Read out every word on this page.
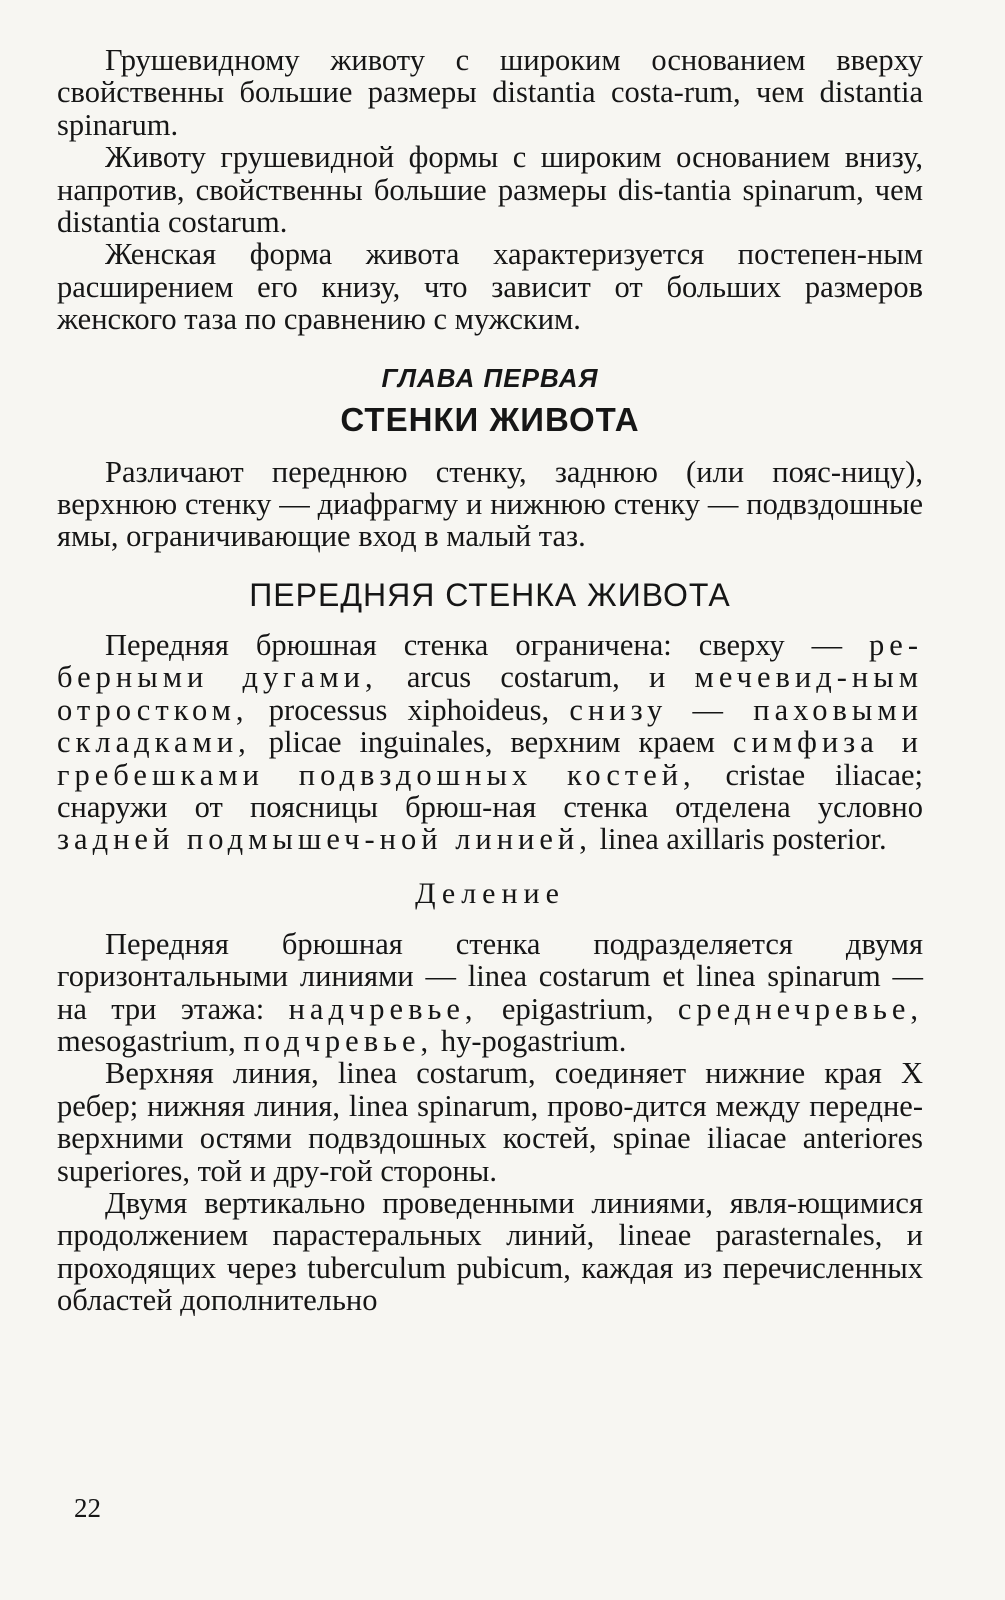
Грушевидному животу с широким основанием вверху свойственны большие размеры distantia costa-rum, чем distantia spinarum.

Животу грушевидной формы с широким основанием внизу, напротив, свойственны большие размеры dis-tantia spinarum, чем distantia costarum.

Женская форма живота характеризуется постепен-ным расширением его книзу, что зависит от больших размеров женского таза по сравнению с мужским.

ГЛАВА ПЕРВАЯ
СТЕНКИ ЖИВОТА

Различают переднюю стенку, заднюю (или пояс-ницу), верхнюю стенку — диафрагму и нижнюю стенку — подвздошные ямы, ограничивающие вход в малый таз.

ПЕРЕДНЯЯ СТЕНКА ЖИВОТА

Передняя брюшная стенка ограничена: сверху — ре-берными дугами, arcus costarum, и мечевид-ным отростком, processus xiphoideus, снизу — паховыми складками, plicae inguinales, верхним краем симфиза и гребешками подвздошных костей, cristae iliacae; снаружи от поясницы брюш-ная стенка отделена условно задней подмышеч-ной линией, linea axillaris posterior.

Деление

Передняя брюшная стенка подразделяется двумя горизонтальными линиями — linea costarum et linea spinarum — на три этажа: надчревье, epigastrium, среднечревье, mesogastrium, подчревье, hy-pogastrium.

Верхняя линия, linea costarum, соединяет нижние края X ребер; нижняя линия, linea spinarum, прово-дится между передне-верхними остями подвздошных костей, spinae iliacae anteriores superiores, той и дру-гой стороны.

Двумя вертикально проведенными линиями, явля-ющимися продолжением парастеральных линий, lineae parasternales, и проходящих через tuberculum pubicum, каждая из перечисленных областей дополнительно

22
